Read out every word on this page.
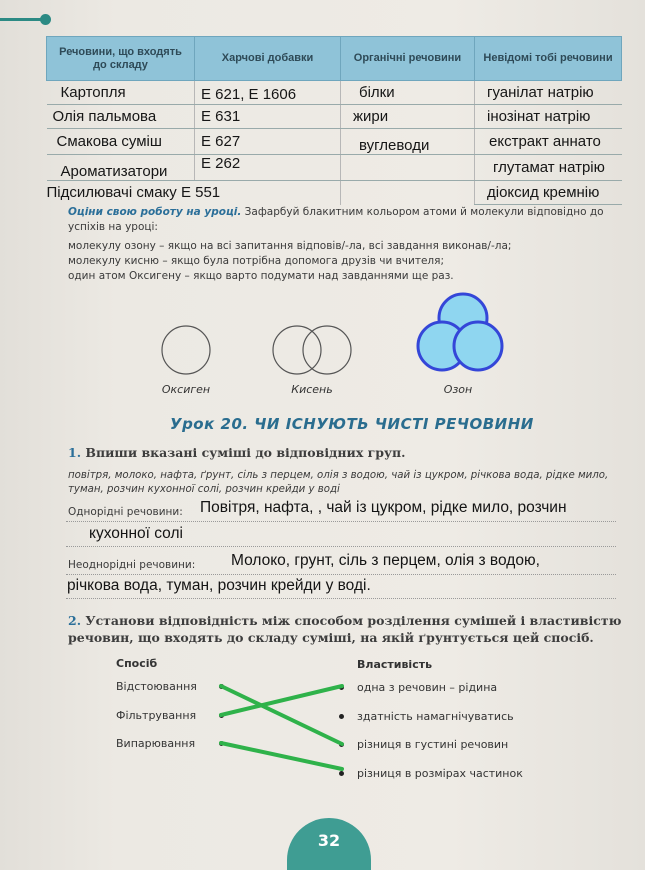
Речовини, що входять до складу	Харчові добавки	Органічні речовини	Невідомі тобі речовини
Картопля	Е 621, Е 1606	білки	гуанілат натрію
Олія пальмова	Е 631	жири	інозінат натрію
Смакова суміш	Е 627	вуглеводи	екстракт аннато
Ароматизатори	Е 262		глутамат натрію
Підсилювачі смаку Е 551			діоксид кремнію

Оціни свою роботу на уроці. Зафарбуй блакитним кольором атоми й молекули відповідно до успіхів на уроці:

молекулу озону – якщо на всі запитання відповів/-ла, всі завдання виконав/-ла;

молекулу кисню – якщо була потрібна допомога друзів чи вчителя;

один атом Оксигену – якщо варто подумати над завданнями ще раз.

Оксиген	Кисень	Озон
Урок 20. ЧИ ІСНУЮТЬ ЧИСТІ РЕЧОВИНИ
1. Впиши вказані суміші до відповідних груп.
повітря, молоко, нафта, ґрунт, сіль з перцем, олія з водою, чай із цукром, річкова вода, рідке мило, туман, розчин кухонної солі, розчин крейди у воді
Однорідні речовини: Повітря, нафта, , чай із цукром, рідке мило, розчин
кухонної солі
Неоднорідні речовини: Молоко, грунт, сіль з перцем, олія з водою,
річкова вода, туман, розчин крейди у воді.
2. Установи відповідність між способом розділення сумішей і властивістю речовин, що входять до складу суміші, на якій ґрунтується цей спосіб.
Спосіб	Властивість
Відстоювання
Фільтрування
Випарювання
одна з речовин – рідина
здатність намагнічуватись
різниця в густині речовин
різниця в розмірах частинок
32
